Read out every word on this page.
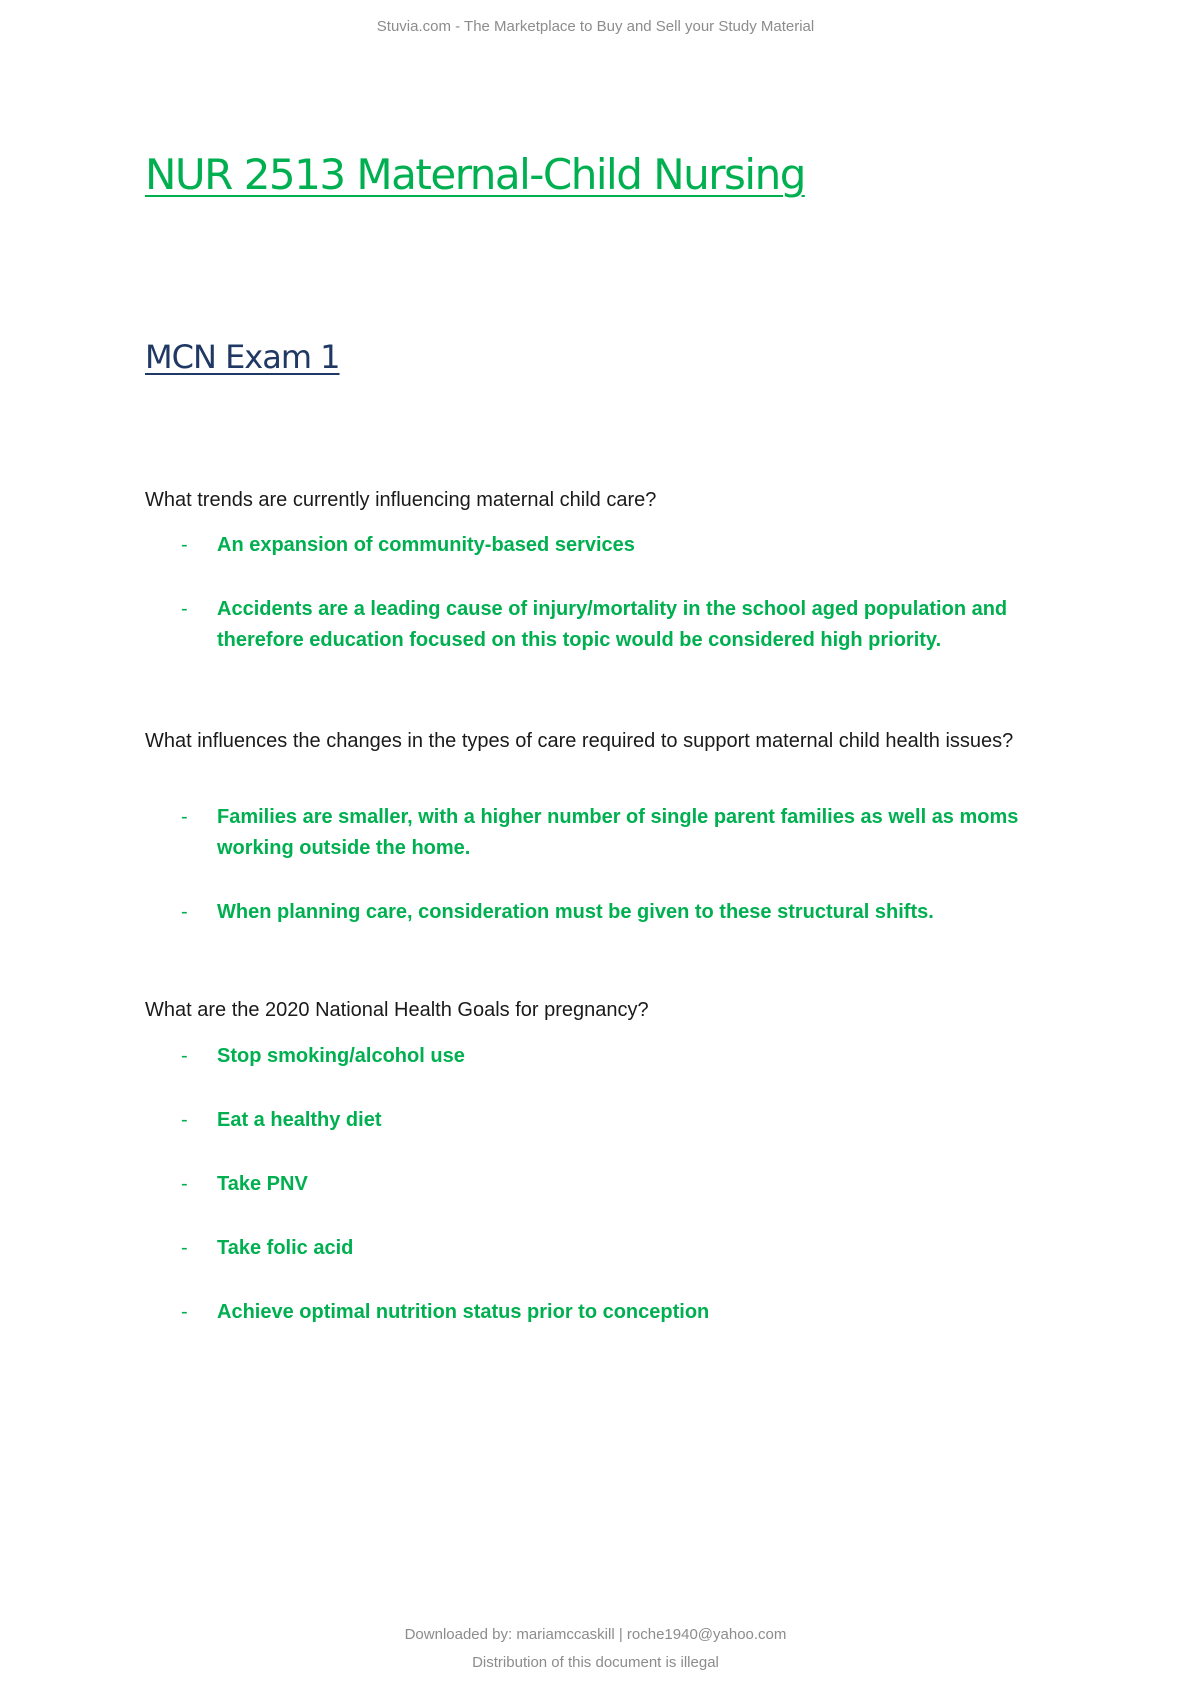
Stuvia.com - The Marketplace to Buy and Sell your Study Material
NUR 2513 Maternal-Child Nursing
MCN Exam 1

What trends are currently influencing maternal child care?

- An expansion of community-based services
- Accidents are a leading cause of injury/mortality in the school aged population and therefore education focused on this topic would be considered high priority.

What influences the changes in the types of care required to support maternal child health issues?

- Families are smaller, with a higher number of single parent families as well as moms working outside the home.
- When planning care, consideration must be given to these structural shifts.

What are the 2020 National Health Goals for pregnancy?

- Stop smoking/alcohol use
- Eat a healthy diet
- Take PNV
- Take folic acid
- Achieve optimal nutrition status prior to conception
Downloaded by: mariamccaskill | roche1940@yahoo.com
Distribution of this document is illegal
